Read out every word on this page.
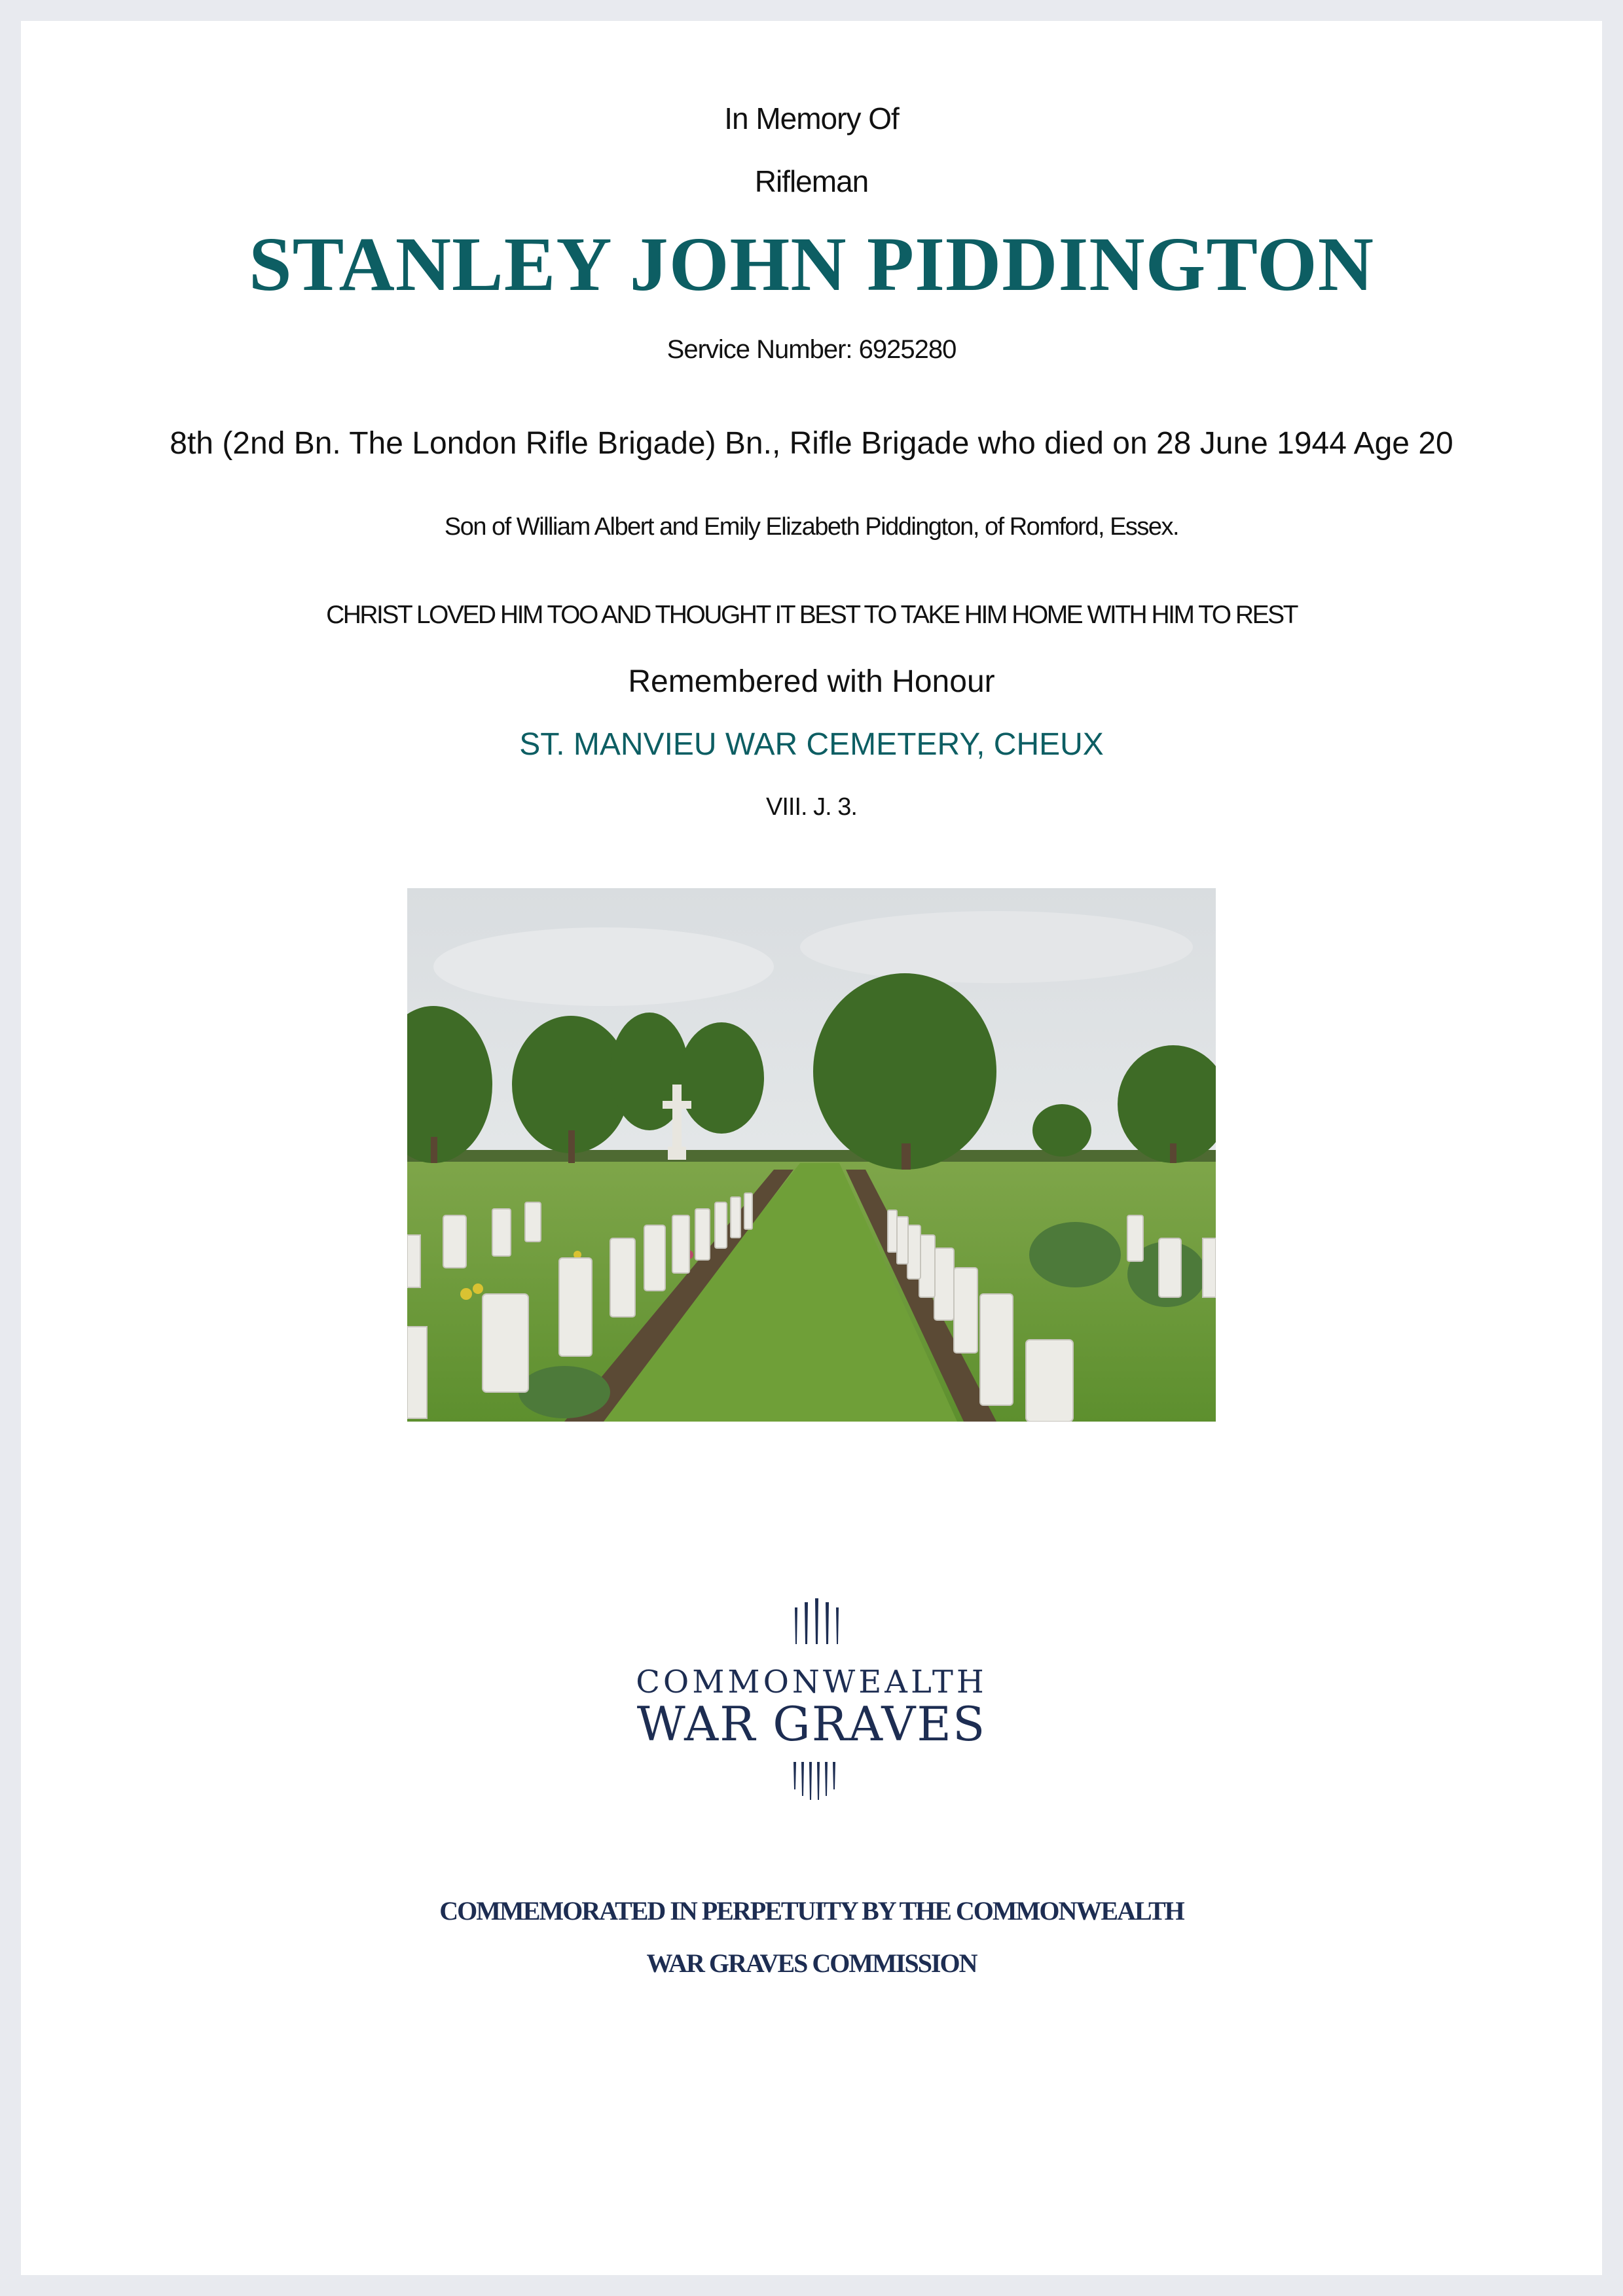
In Memory Of
Rifleman
STANLEY JOHN PIDDINGTON
Service Number: 6925280
8th (2nd Bn. The London Rifle Brigade) Bn., Rifle Brigade who died on 28 June 1944 Age 20
Son of William Albert and Emily Elizabeth Piddington, of Romford, Essex.
CHRIST LOVED HIM TOO AND THOUGHT IT BEST TO TAKE HIM HOME WITH HIM TO REST
Remembered with Honour
ST. MANVIEU WAR CEMETERY, CHEUX
VIII. J. 3.
COMMONWEALTH
WAR GRAVES
COMMEMORATED IN PERPETUITY BY THE COMMONWEALTH
WAR GRAVES COMMISSION
